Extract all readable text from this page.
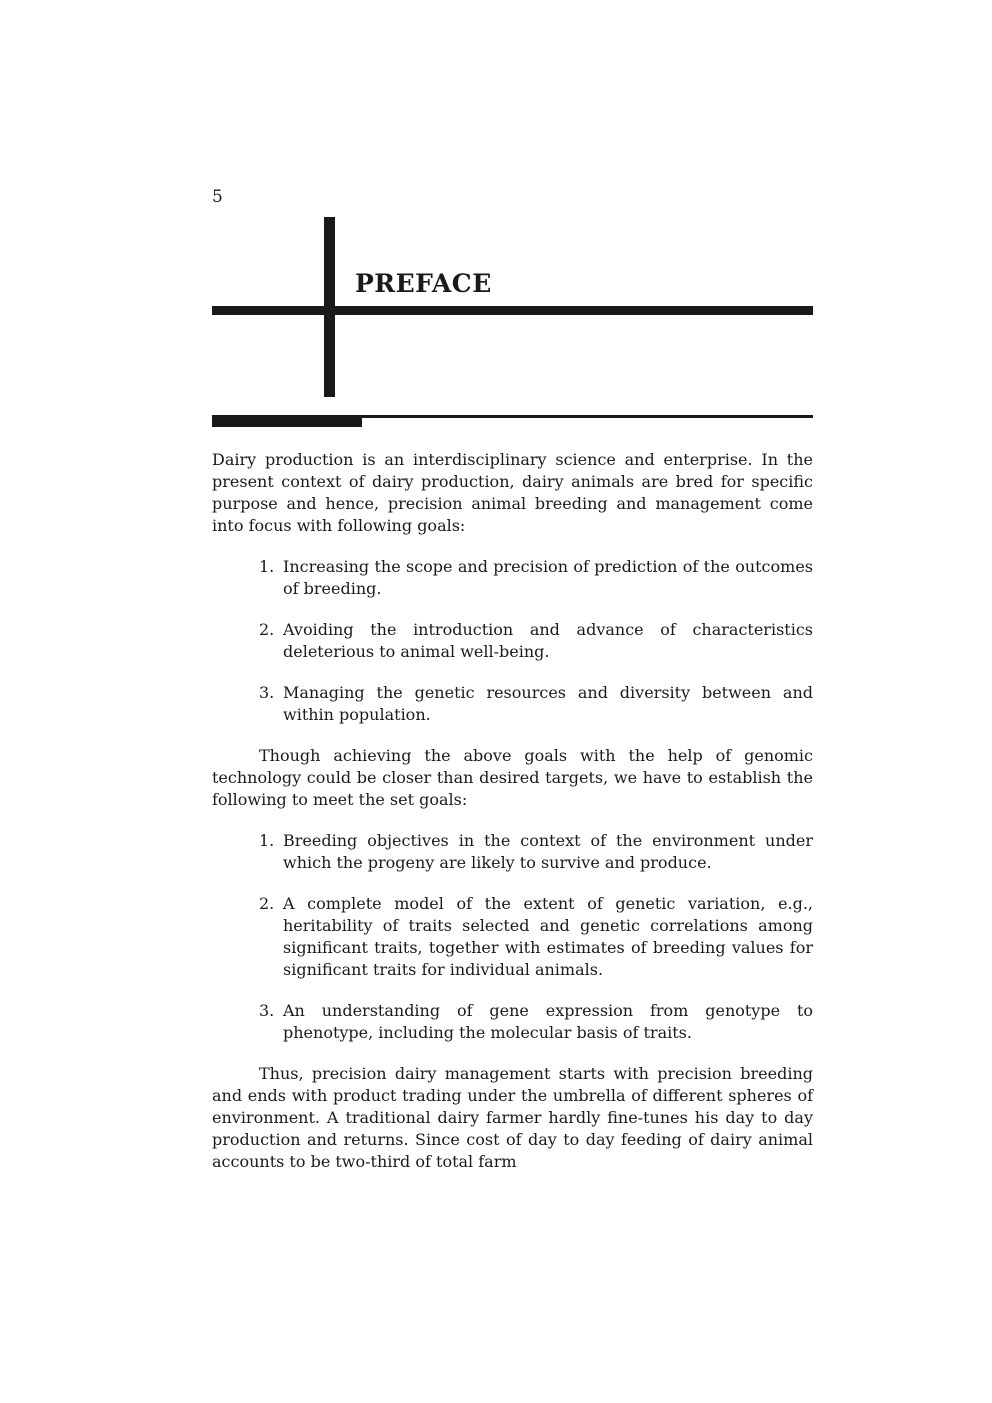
5

PREFACE

Dairy production is an interdisciplinary science and enterprise. In the present context of dairy production, dairy animals are bred for specific purpose and hence, precision animal breeding and management come into focus with following goals:

1. Increasing the scope and precision of prediction of the outcomes of breeding.
2. Avoiding the introduction and advance of characteristics deleterious to animal well-being.
3. Managing the genetic resources and diversity between and within population.

Though achieving the above goals with the help of genomic technology could be closer than desired targets, we have to establish the following to meet the set goals:

1. Breeding objectives in the context of the environment under which the progeny are likely to survive and produce.
2. A complete model of the extent of genetic variation, e.g., heritability of traits selected and genetic correlations among significant traits, together with estimates of breeding values for significant traits for individual animals.
3. An understanding of gene expression from genotype to phenotype, including the molecular basis of traits.

Thus, precision dairy management starts with precision breeding and ends with product trading under the umbrella of different spheres of environment. A traditional dairy farmer hardly fine-tunes his day to day production and returns. Since cost of day to day feeding of dairy animal accounts to be two-third of total farm
